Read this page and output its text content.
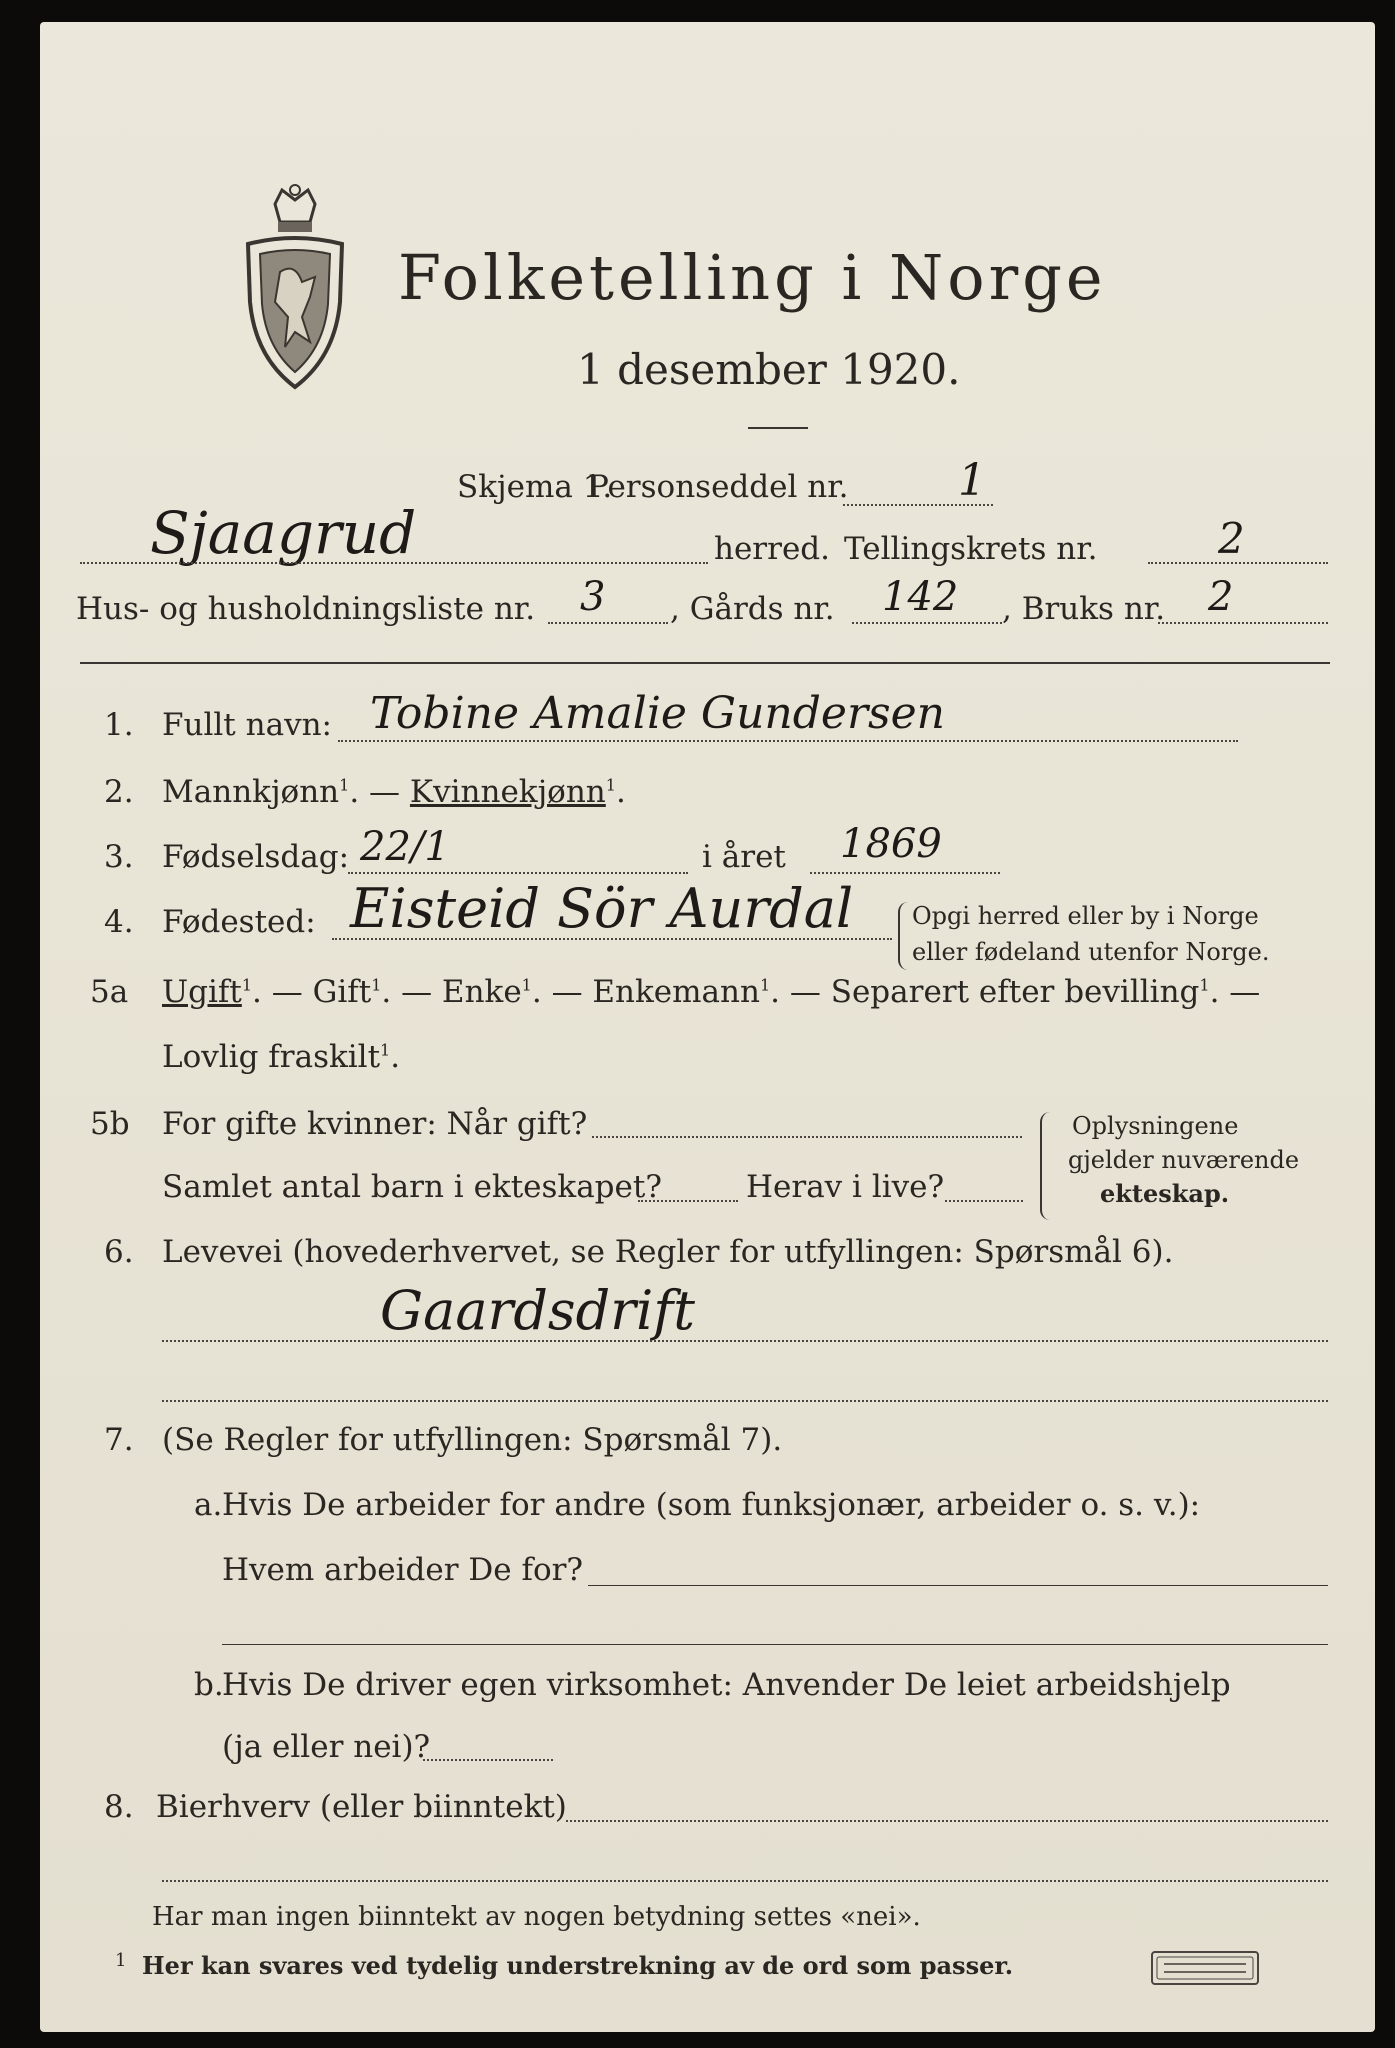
Folketelling i Norge
1 desember 1920.
Skjema 1.
Personseddel nr. 1
Sjaagrud	herred. Tellingskrets nr.	2
Hus- og husholdningsliste nr. 3 , Gårds nr. 142 , Bruks nr. 2
1. Fullt navn: Tobine Amalie Gundersen
2. Mannkjønn$^1$. — Kvinnekjønn$^1$.
3. Fødselsdag: 22/1	i året 1869
4. Fødested: Eisteid Sör Aurdal Opgi herred eller by i Norge
eller fødeland utenfor Norge.
5a Ugift$^1$. — Gift$^1$. — Enke$^1$. — Enkemann$^1$. — Separert efter bevilling$^1$. —
Lovlig fraskilt$^1$.
5b For gifte kvinner: Når gift?
Samlet antal barn i ekteskapet?	Herav i live?
Oplysningene
gjelder nuværende
ekteskap.
6. Levevei (hovederhvervet, se Regler for utfyllingen: Spørsmål 6).
Gaardsdrift
7. (Se Regler for utfyllingen: Spørsmål 7).
a. Hvis De arbeider for andre (som funksjonær, arbeider o. s. v.):
Hvem arbeider De for?
b.
Hvis De driver egen virksomhet: Anvender De leiet arbeidshjelp
(ja eller nei)?
8. Bierhverv (eller biinntekt)
Har man ingen biinntekt av nogen betydning settes «nei».
1 Her kan svares ved tydelig understrekning av de ord som passer.
